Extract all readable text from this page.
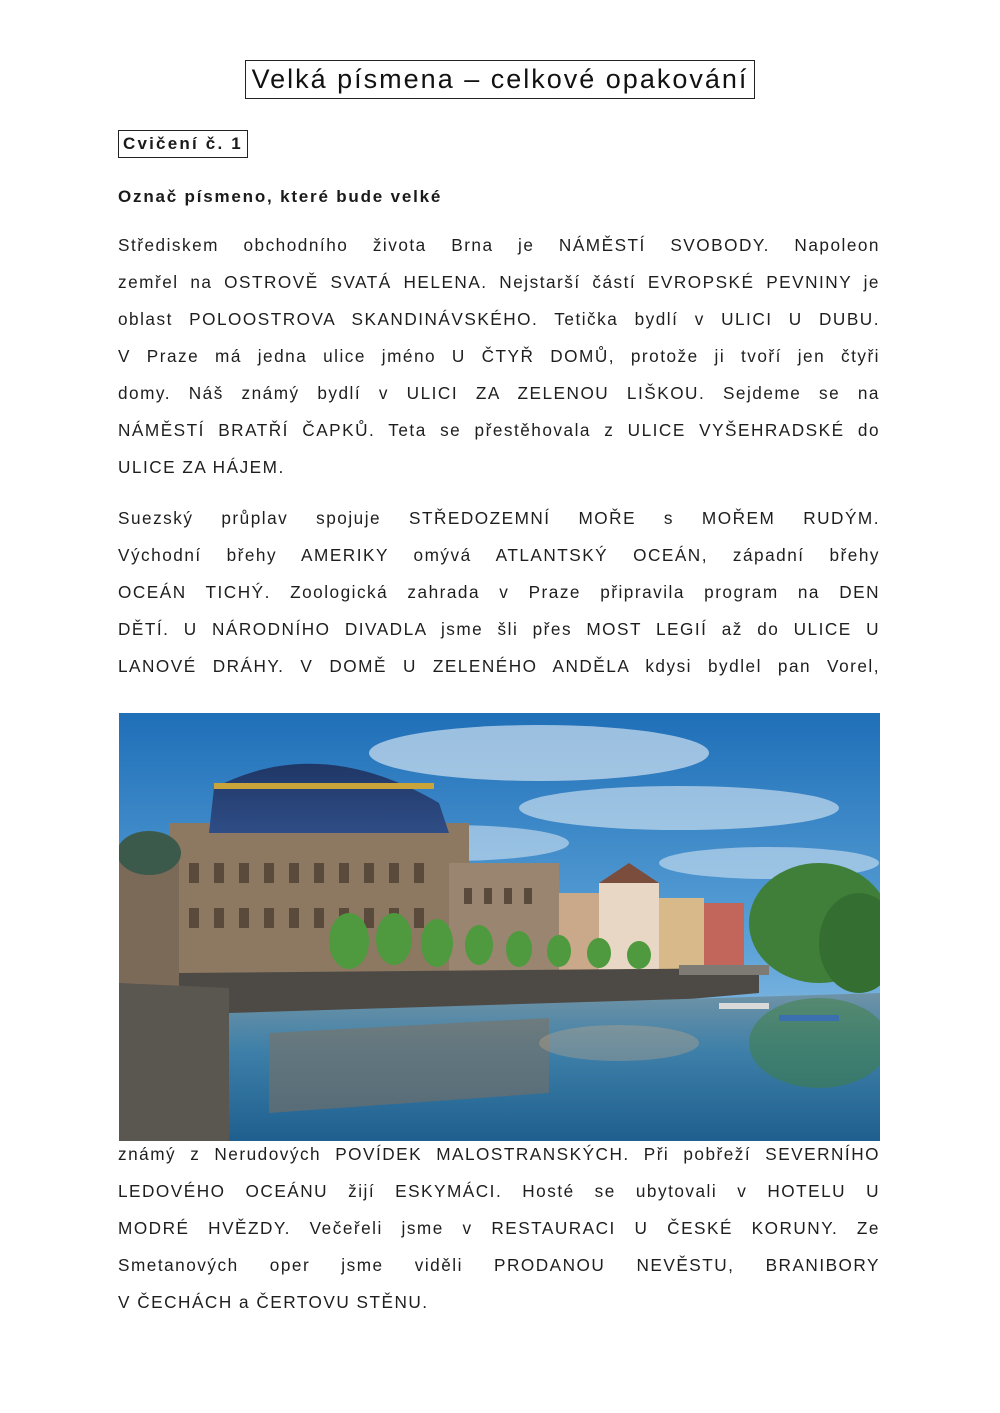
Velká písmena – celkové opakování
Cvičení č. 1
Označ písmeno, které bude velké
Střediskem obchodního života Brna je NÁMĚSTÍ SVOBODY. Napoleon
zemřel na OSTROVĚ SVATÁ HELENA. Nejstarší částí EVROPSKÉ PEVNINY je
oblast POLOOSTROVA SKANDINÁVSKÉHO. Tetička bydlí v ULICI U DUBU.
V Praze má jedna ulice jméno U ČTYŘ DOMŮ, protože ji tvoří jen čtyři
domy. Náš známý bydlí v ULICI ZA ZELENOU LIŠKOU. Sejdeme se na
NÁMĚSTÍ BRATŘÍ ČAPKŮ. Teta se přestěhovala z ULICE VYŠEHRADSKÉ do
ULICE ZA HÁJEM.
Suezský průplav spojuje STŘEDOZEMNÍ MOŘE s MOŘEM RUDÝM.
Východní břehy AMERIKY omývá ATLANTSKÝ OCEÁN, západní břehy
OCEÁN TICHÝ. Zoologická zahrada v Praze připravila program na DEN
DĚTÍ. U NÁRODNÍHO DIVADLA jsme šli přes MOST LEGIÍ až do ULICE U
LANOVÉ DRÁHY. V DOMĚ U ZELENÉHO ANDĚLA kdysi bydlel pan Vorel,
známý z Nerudových POVÍDEK MALOSTRANSKÝCH. Při pobřeží SEVERNÍHO
LEDOVÉHO OCEÁNU žijí ESKYMÁCI. Hosté se ubytovali v HOTELU U
MODRÉ HVĚZDY. Večeřeli jsme v RESTAURACI U ČESKÉ KORUNY. Ze
Smetanových oper jsme viděli PRODANOU NEVĚSTU, BRANIBORY
V ČECHÁCH a ČERTOVU STĚNU.
